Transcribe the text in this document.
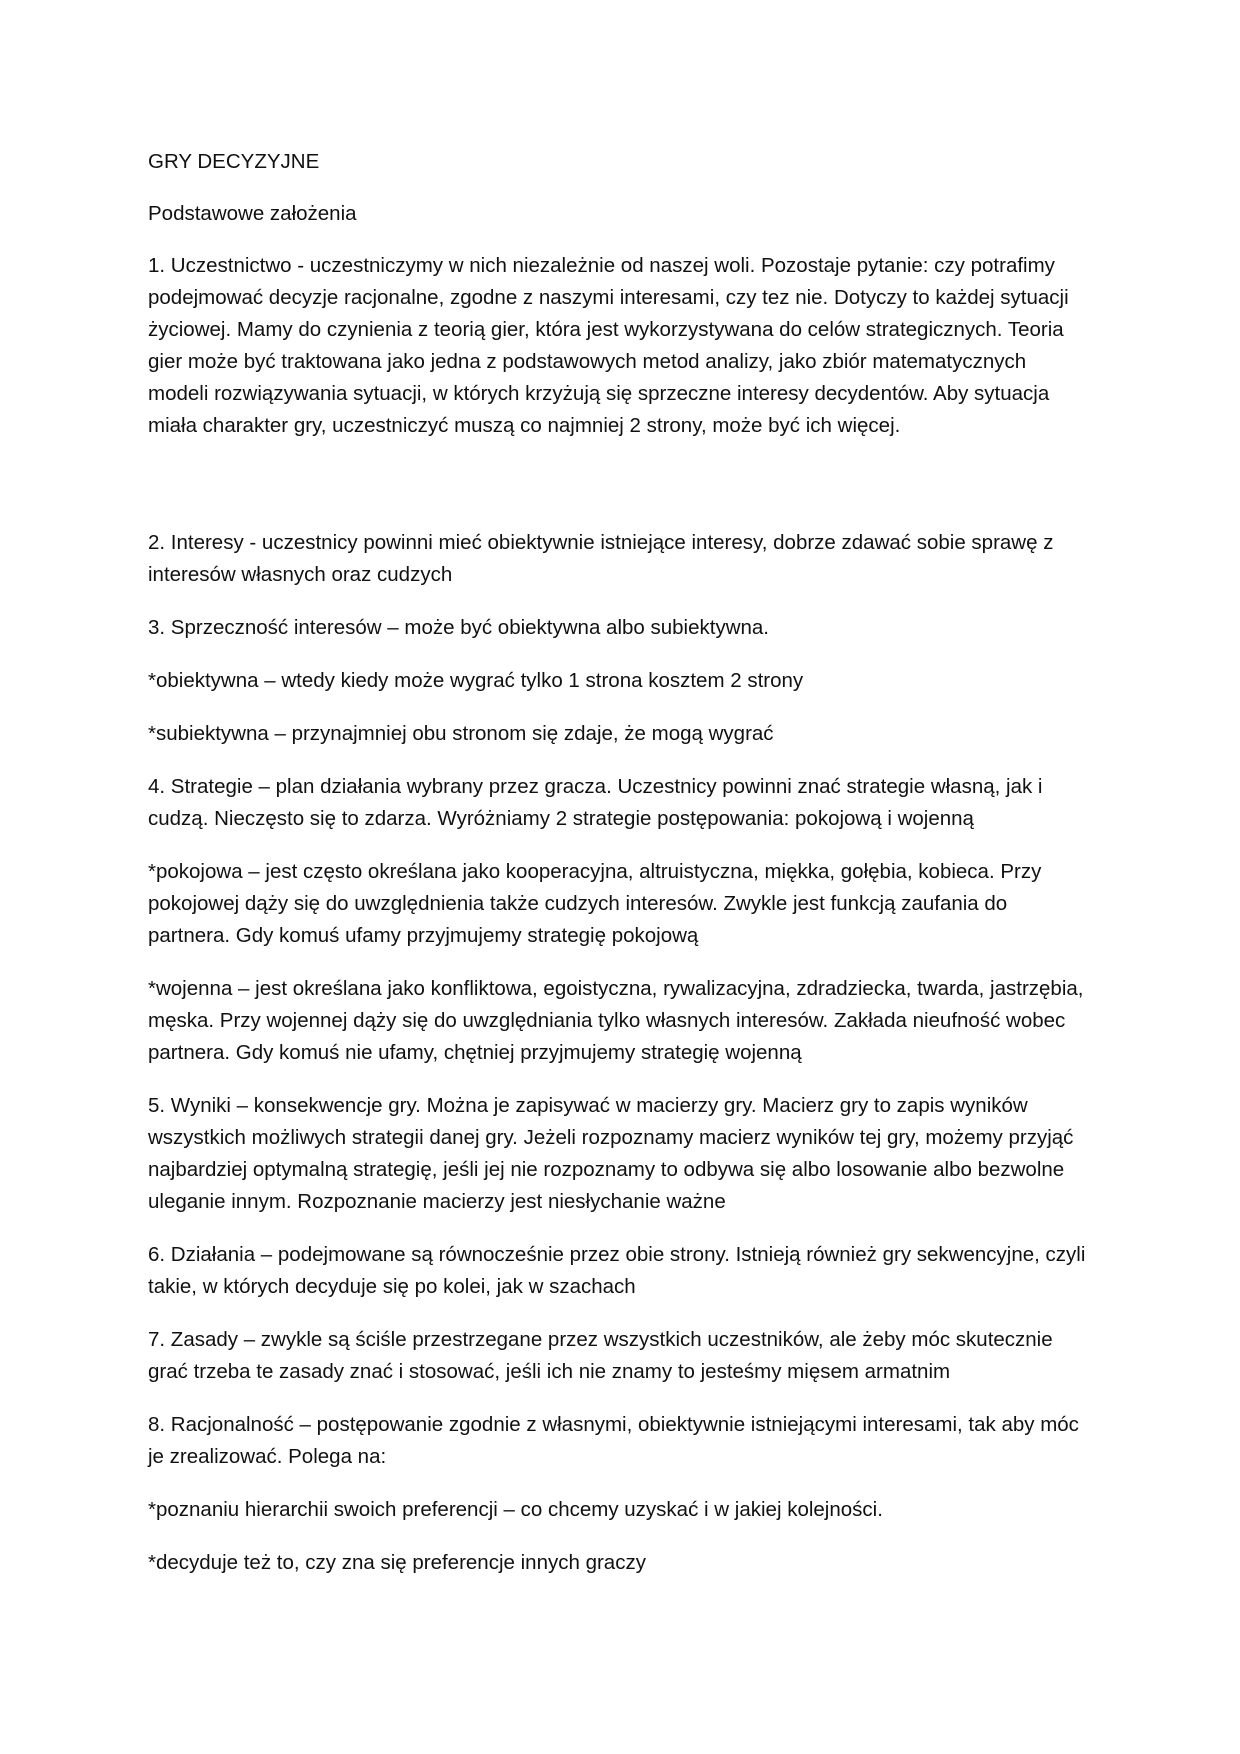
GRY DECYZYJNE

Podstawowe założenia

1. Uczestnictwo - uczestniczymy w nich niezależnie od naszej woli. Pozostaje pytanie: czy potrafimy podejmować decyzje racjonalne, zgodne z naszymi interesami, czy tez nie. Dotyczy to każdej sytuacji życiowej. Mamy do czynienia z teorią gier, która jest wykorzystywana do celów strategicznych. Teoria gier może być traktowana jako jedna z podstawowych metod analizy, jako zbiór matematycznych modeli rozwiązywania sytuacji, w których krzyżują się sprzeczne interesy decydentów. Aby sytuacja miała charakter gry, uczestniczyć muszą co najmniej 2 strony, może być ich więcej.

2. Interesy - uczestnicy powinni mieć obiektywnie istniejące interesy, dobrze zdawać sobie sprawę z interesów własnych oraz cudzych

3. Sprzeczność interesów – może być obiektywna albo subiektywna.

*obiektywna – wtedy kiedy może wygrać tylko 1 strona kosztem 2 strony

*subiektywna – przynajmniej obu stronom się zdaje, że mogą wygrać

4. Strategie – plan działania wybrany przez gracza. Uczestnicy powinni znać strategie własną, jak i cudzą. Nieczęsto się to zdarza. Wyróżniamy 2 strategie postępowania: pokojową i wojenną

*pokojowa – jest często określana jako kooperacyjna, altruistyczna, miękka, gołębia, kobieca. Przy pokojowej dąży się do uwzględnienia także cudzych interesów. Zwykle jest funkcją zaufania do partnera. Gdy komuś ufamy przyjmujemy strategię pokojową

*wojenna – jest określana jako konfliktowa, egoistyczna, rywalizacyjna, zdradziecka, twarda, jastrzębia, męska. Przy wojennej dąży się do uwzględniania tylko własnych interesów. Zakłada nieufność wobec partnera. Gdy komuś nie ufamy, chętniej przyjmujemy strategię wojenną

5. Wyniki – konsekwencje gry. Można je zapisywać w macierzy gry. Macierz gry to zapis wyników wszystkich możliwych strategii danej gry. Jeżeli rozpoznamy macierz wyników tej gry, możemy przyjąć najbardziej optymalną strategię, jeśli jej nie rozpoznamy to odbywa się albo losowanie albo bezwolne uleganie innym. Rozpoznanie macierzy jest niesłychanie ważne

6. Działania – podejmowane są równocześnie przez obie strony. Istnieją również gry sekwencyjne, czyli takie, w których decyduje się po kolei, jak w szachach

7. Zasady – zwykle są ściśle przestrzegane przez wszystkich uczestników, ale żeby móc skutecznie grać trzeba te zasady znać i stosować, jeśli ich nie znamy to jesteśmy mięsem armatnim

8. Racjonalność – postępowanie zgodnie z własnymi, obiektywnie istniejącymi interesami, tak aby móc je zrealizować. Polega na:

*poznaniu hierarchii swoich preferencji – co chcemy uzyskać i w jakiej kolejności.

*decyduje też to, czy zna się preferencje innych graczy
